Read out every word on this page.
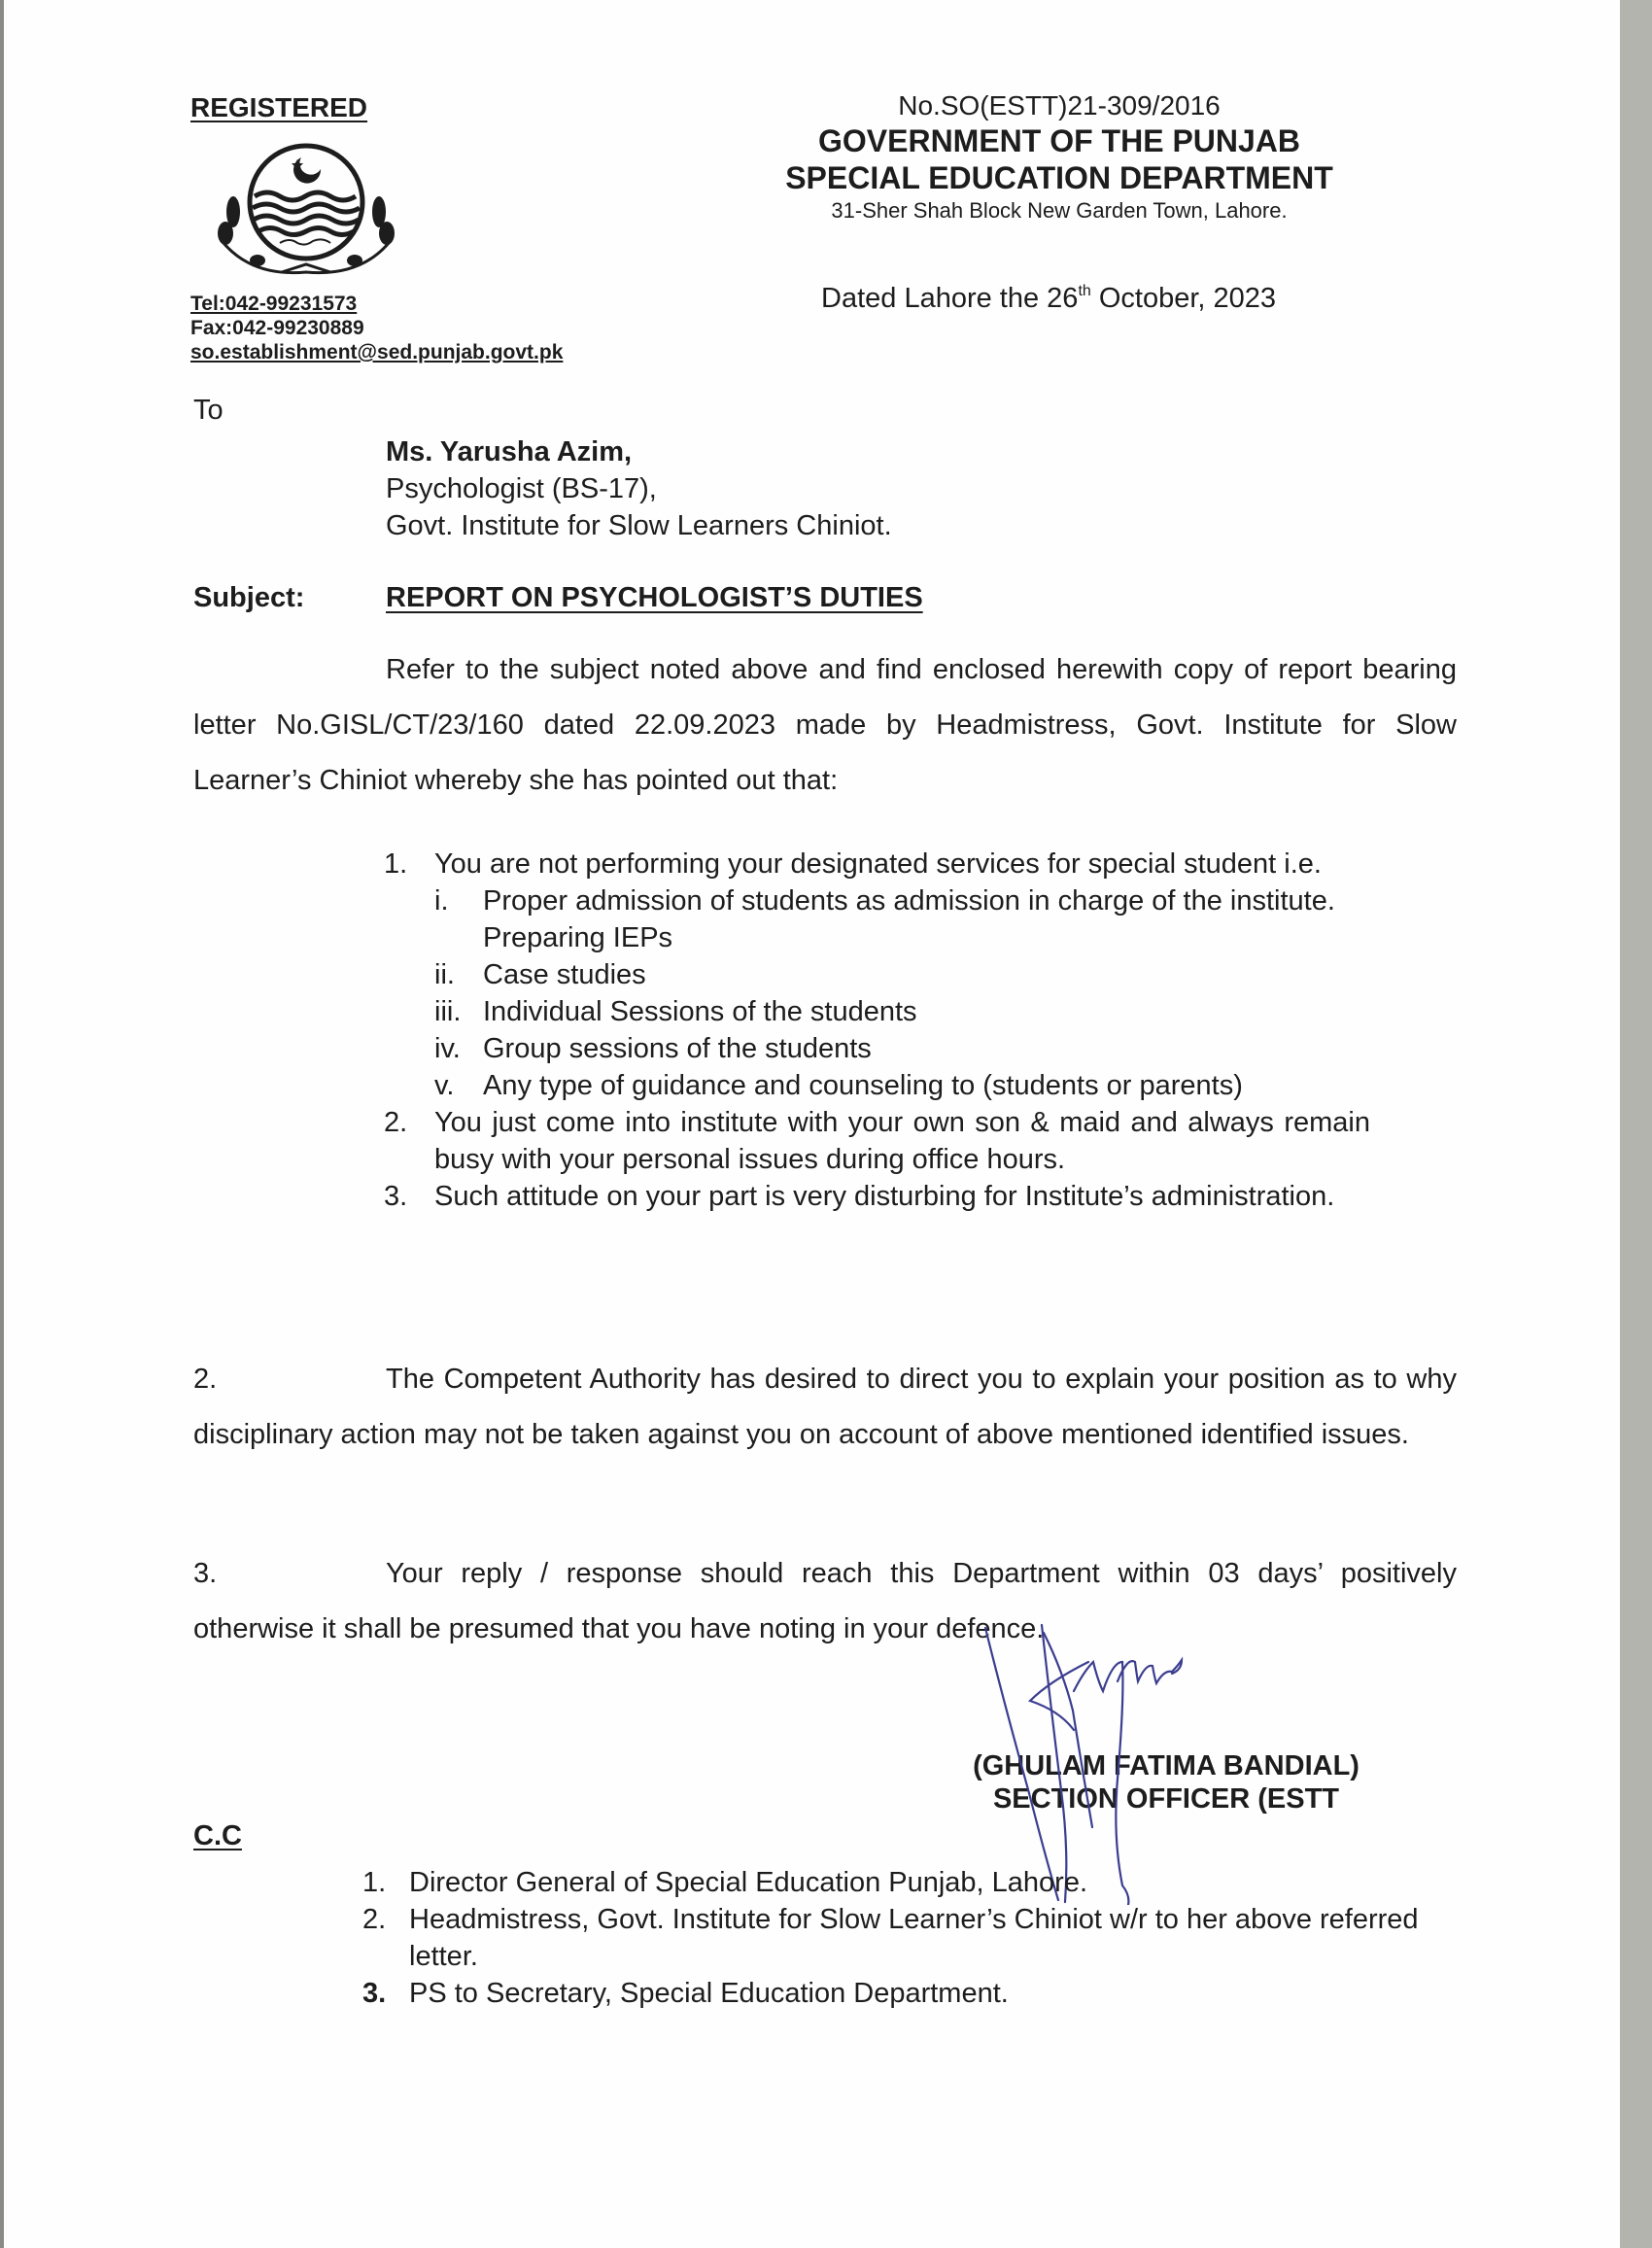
REGISTERED
Tel:042-99231573
Fax:042-99230889
so.establishment@sed.punjab.govt.pk
No.SO(ESTT)21-309/2016
GOVERNMENT OF THE PUNJAB
SPECIAL EDUCATION DEPARTMENT
31-Sher Shah Block New Garden Town, Lahore.
Dated Lahore the 26th October, 2023
To
Ms. Yarusha Azim,
Psychologist (BS-17),
Govt. Institute for Slow Learners Chiniot.
Subject:	REPORT ON PSYCHOLOGIST’S DUTIES
Refer to the subject noted above and find enclosed herewith copy of report bearing letter No.GISL/CT/23/160 dated 22.09.2023 made by Headmistress, Govt. Institute for Slow Learner’s Chiniot whereby she has pointed out that:
1. You are not performing your designated services for special student i.e.
i.	Proper admission of students as admission in charge of the institute. Preparing IEPs
ii.	Case studies
iii. Individual Sessions of the students
iv. Group sessions of the students
v.	Any type of guidance and counseling to (students or parents)
2. You just come into institute with your own son & maid and always remain busy with your personal issues during office hours.
3. Such attitude on your part is very disturbing for Institute’s administration.
2.	The Competent Authority has desired to direct you to explain your position as to why disciplinary action may not be taken against you on account of above mentioned identified issues.
3.	Your reply / response should reach this Department within 03 days’ positively otherwise it shall be presumed that you have noting in your defence.
(GHULAM FATIMA BANDIAL)
SECTION OFFICER (ESTT
C.C
1. Director General of Special Education Punjab, Lahore.
2. Headmistress, Govt. Institute for Slow Learner’s Chiniot w/r to her above referred letter.
3. PS to Secretary, Special Education Department.
